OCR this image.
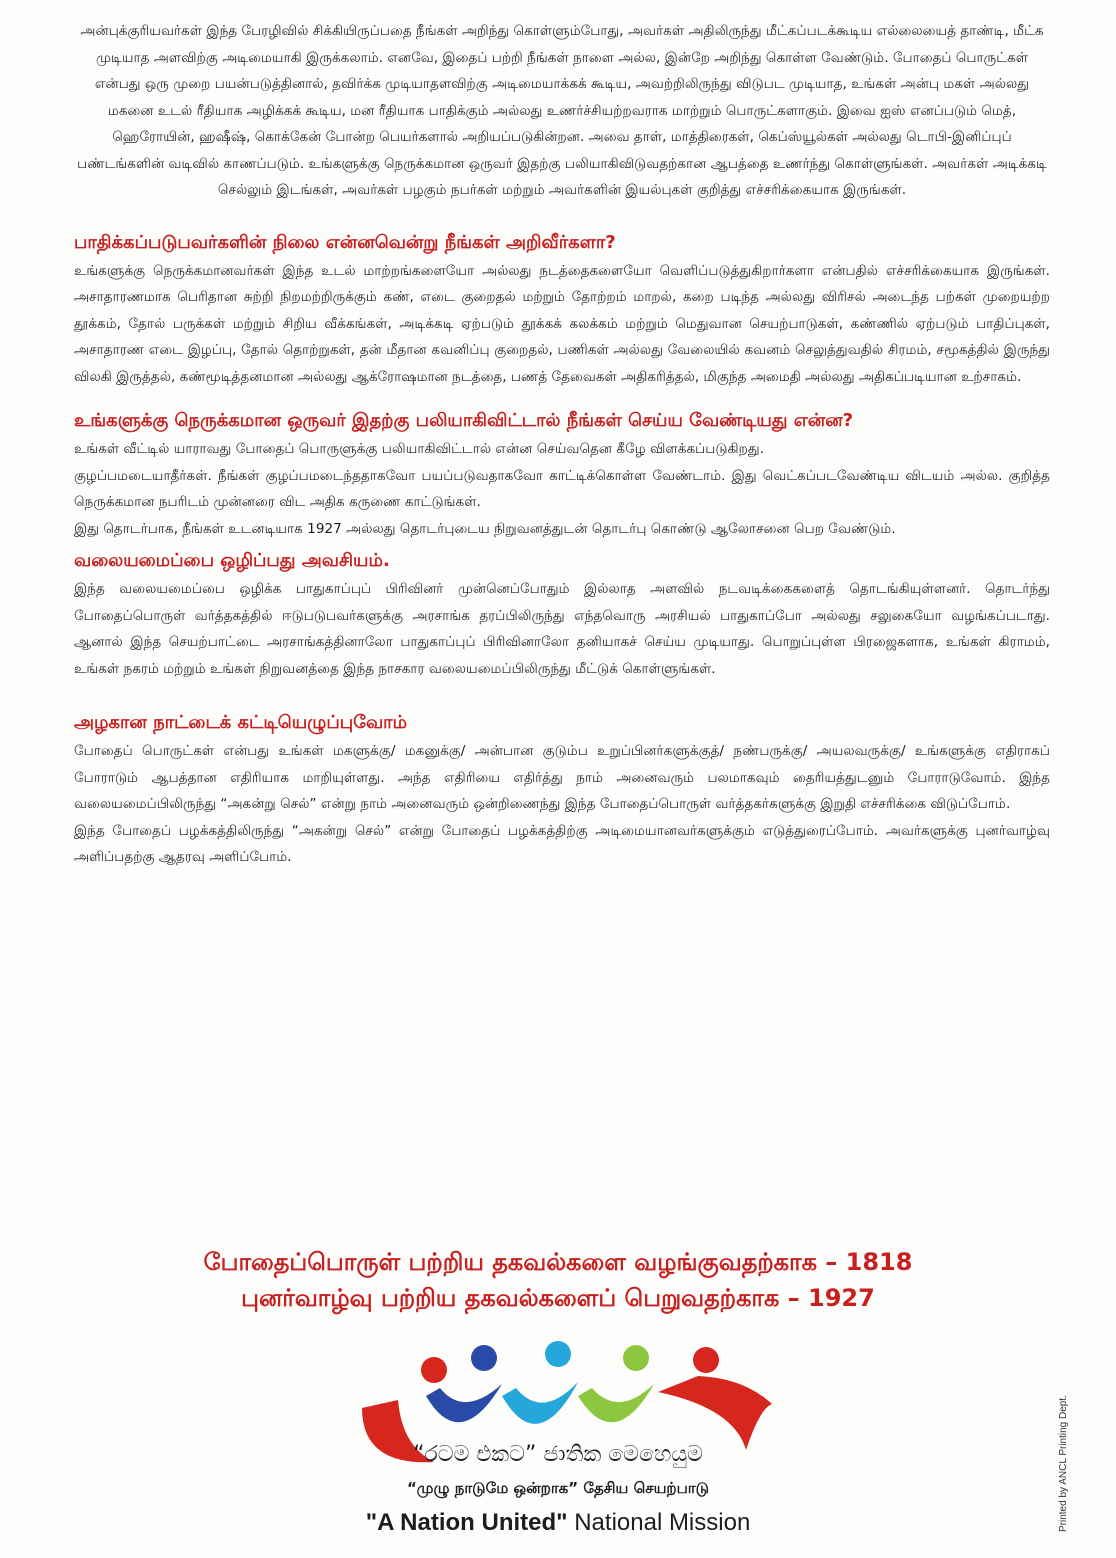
அன்புக்குரியவர்கள் இந்த பேரழிவில் சிக்கியிருப்பதை நீங்கள் அறிந்து கொள்ளும்போது, அவர்கள் அதிலிருந்து மீட்கப்படக்கூடிய எல்லையைத் தாண்டி, மீட்க முடியாத அளவிற்கு அடிமையாகி இருக்கலாம். எனவே, இதைப் பற்றி நீங்கள் நாளை அல்ல, இன்றே அறிந்து கொள்ள வேண்டும். போதைப் பொருட்கள் என்பது ஒரு முறை பயன்படுத்தினால், தவிர்க்க முடியாதளவிற்கு அடிமையாக்கக் கூடிய, அவற்றிலிருந்து விடுபட முடியாத, உங்கள் அன்பு மகள் அல்லது மகனை உடல் ரீதியாக அழிக்கக் கூடிய, மன ரீதியாக பாதிக்கும் அல்லது உணர்ச்சியற்றவராக மாற்றும் பொருட்களாகும். இவை ஐஸ் எனப்படும் மெத், ஹெரோயின், ஹஷீஷ், கொக்கேன் போன்ற பெயர்களால் அறியப்படுகின்றன. அவை தாள், மாத்திரைகள், கெப்ஸ்யூல்கள் அல்லது டொபி-இனிப்புப் பண்டங்களின் வடிவில் காணப்படும். உங்களுக்கு நெருக்கமான ஒருவர் இதற்கு பலியாகிவிடுவதற்கான ஆபத்தை உணர்ந்து கொள்ளுங்கள். அவர்கள் அடிக்கடி செல்லும் இடங்கள், அவர்கள் பழகும் நபர்கள் மற்றும் அவர்களின் இயல்புகள் குறித்து எச்சரிக்கையாக இருங்கள்.

பாதிக்கப்படுபவர்களின் நிலை என்னவென்று நீங்கள் அறிவீர்களா?

உங்களுக்கு நெருக்கமானவர்கள் இந்த உடல் மாற்றங்களையோ அல்லது நடத்தைகளையோ வெளிப்படுத்துகிறார்களா என்பதில் எச்சரிக்கையாக இருங்கள். அசாதாரணமாக பெரிதான சுற்றி நிறமற்றிருக்கும் கண், எடை குறைதல் மற்றும் தோற்றம் மாறல், கறை படிந்த அல்லது விரிசல் அடைந்த பற்கள் முறையற்ற தூக்கம், தோல் பருக்கள் மற்றும் சிறிய வீக்கங்கள், அடிக்கடி ஏற்படும் தூக்கக் கலக்கம் மற்றும் மெதுவான செயற்பாடுகள், கண்ணில் ஏற்படும் பாதிப்புகள், அசாதாரண எடை இழப்பு, தோல் தொற்றுகள், தன் மீதான கவனிப்பு குறைதல், பணிகள் அல்லது வேலையில் கவனம் செலுத்துவதில் சிரமம், சமூகத்தில் இருந்து விலகி இருத்தல், கண்மூடித்தனமான அல்லது ஆக்ரோஷமான நடத்தை, பணத் தேவைகள் அதிகரித்தல், மிகுந்த அமைதி அல்லது அதிகப்படியான உற்சாகம்.

உங்களுக்கு நெருக்கமான ஒருவர் இதற்கு பலியாகிவிட்டால் நீங்கள் செய்ய வேண்டியது என்ன?

உங்கள் வீட்டில் யாராவது போதைப் பொருளுக்கு பலியாகிவிட்டால் என்ன செய்வதென கீழே விளக்கப்படுகிறது.

குழப்பமடையாதீர்கள். நீங்கள் குழப்பமடைந்ததாகவோ பயப்படுவதாகவோ காட்டிக்கொள்ள வேண்டாம். இது வெட்கப்படவேண்டிய விடயம் அல்ல. குறித்த நெருக்கமான நபரிடம் முன்னரை விட அதிக கருணை காட்டுங்கள்.

இது தொடர்பாக, நீங்கள் உடனடியாக 1927 அல்லது தொடர்புடைய நிறுவனத்துடன் தொடர்பு கொண்டு ஆலோசனை பெற வேண்டும்.

வலையமைப்பை ஒழிப்பது அவசியம்.

இந்த வலையமைப்பை ஒழிக்க பாதுகாப்புப் பிரிவினர் முன்னெப்போதும் இல்லாத அளவில் நடவடிக்கைகளைத் தொடங்கியுள்ளனர். தொடர்ந்து போதைப்பொருள் வர்த்தகத்தில் ஈடுபடுபவர்களுக்கு அரசாங்க தரப்பிலிருந்து எந்தவொரு அரசியல் பாதுகாப்போ அல்லது சலுகையோ வழங்கப்படாது. ஆனால் இந்த செயற்பாட்டை அரசாங்கத்தினாலோ பாதுகாப்புப் பிரிவினாலோ தனியாகச் செய்ய முடியாது. பொறுப்புள்ள பிரஜைகளாக, உங்கள் கிராமம், உங்கள் நகரம் மற்றும் உங்கள் நிறுவனத்தை இந்த நாசகார வலையமைப்பிலிருந்து மீட்டுக் கொள்ளுங்கள்.

அழகான நாட்டைக் கட்டியெழுப்புவோம்

போதைப் பொருட்கள் என்பது உங்கள் மகளுக்கு/ மகனுக்கு/ அன்பான குடும்ப உறுப்பினர்களுக்குத்/ நண்பருக்கு/ அயலவருக்கு/ உங்களுக்கு எதிராகப் போராடும் ஆபத்தான எதிரியாக மாறியுள்ளது. அந்த எதிரியை எதிர்த்து நாம் அனைவரும் பலமாகவும் தைரியத்துடனும் போராடுவோம். இந்த வலையமைப்பிலிருந்து “அகன்று செல்” என்று நாம் அனைவரும் ஒன்றிணைந்து இந்த போதைப்பொருள் வர்த்தகர்களுக்கு இறுதி எச்சரிக்கை விடுப்போம்.

இந்த போதைப் பழக்கத்திலிருந்து “அகன்று செல்” என்று போதைப் பழக்கத்திற்கு அடிமையானவர்களுக்கும் எடுத்துரைப்போம். அவர்களுக்கு புனர்வாழ்வு அளிப்பதற்கு ஆதரவு அளிப்போம்.

போதைப்பொருள் பற்றிய தகவல்களை வழங்குவதற்காக – 1818
புனர்வாழ்வு பற்றிய தகவல்களைப் பெறுவதற்காக – 1927
“රටම එකට” ජාතික මෙහෙයුම
“முழு நாடுமே ஒன்றாக” தேசிய செயற்பாடு
"A Nation United" National Mission	Printed by ANCL Printing Dept.
